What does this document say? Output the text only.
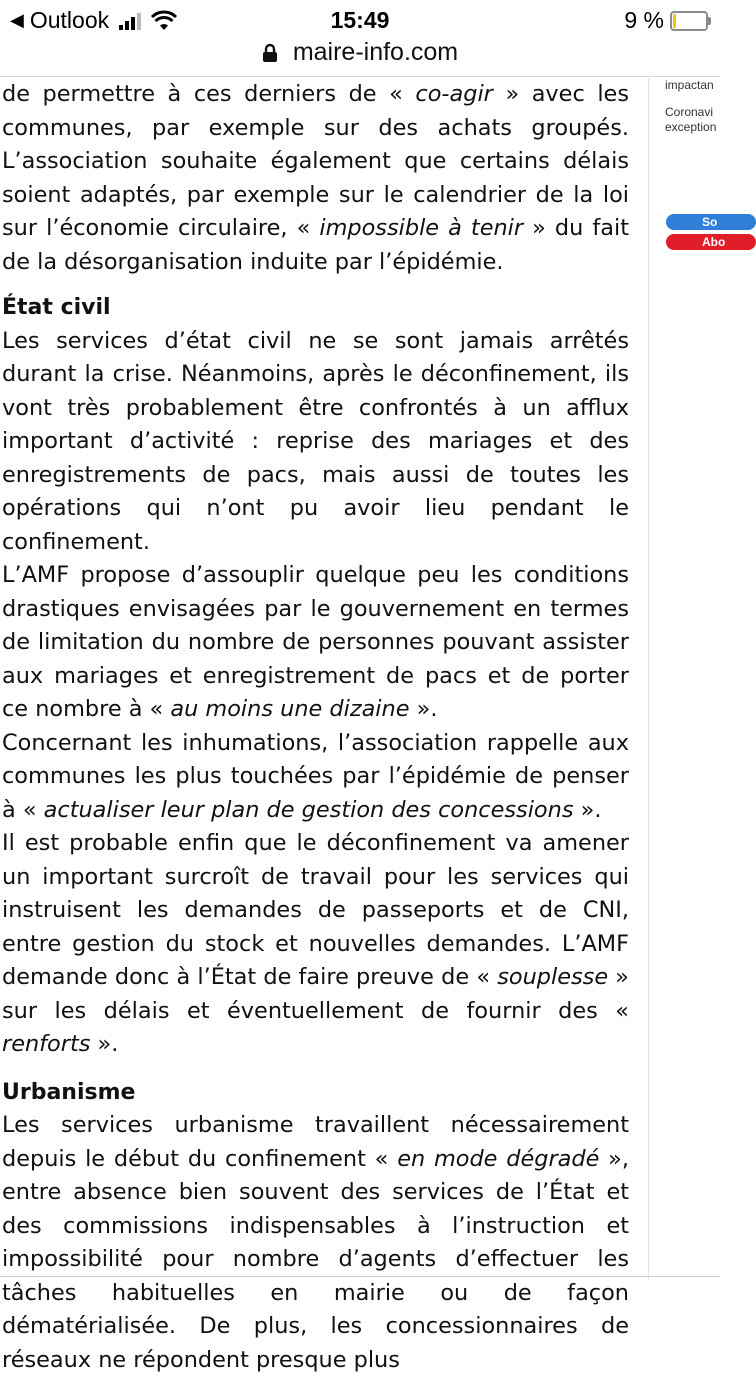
◀ Outlook	15:49	9 %
maire-info.com

de permettre à ces derniers de « co-agir » avec les communes, par exemple sur des achats groupés. L’association souhaite également que certains délais soient adaptés, par exemple sur le calendrier de la loi sur l’économie circulaire, « impossible à tenir » du fait de la désorganisation induite par l’épidémie.

État civil

Les services d’état civil ne se sont jamais arrêtés durant la crise. Néanmoins, après le déconfinement, ils vont très probablement être confrontés à un afflux important d’activité : reprise des mariages et des enregistrements de pacs, mais aussi de toutes les opérations qui n’ont pu avoir lieu pendant le confinement.

L’AMF propose d’assouplir quelque peu les conditions drastiques envisagées par le gouvernement en termes de limitation du nombre de personnes pouvant assister aux mariages et enregistrement de pacs et de porter ce nombre à « au moins une dizaine ».

Concernant les inhumations, l’association rappelle aux communes les plus touchées par l’épidémie de penser à « actualiser leur plan de gestion des concessions ».

Il est probable enfin que le déconfinement va amener un important surcroît de travail pour les services qui instruisent les demandes de passeports et de CNI, entre gestion du stock et nouvelles demandes. L’AMF demande donc à l’État de faire preuve de « souplesse » sur les délais et éventuellement de fournir des « renforts ».

Urbanisme

Les services urbanisme travaillent nécessairement depuis le début du confinement « en mode dégradé », entre absence bien souvent des services de l’État et des commissions indispensables à l’instruction et impossibilité pour nombre d’agents d’effectuer les tâches habituelles en mairie ou de façon dématérialisée. De plus, les concessionnaires de réseaux ne répondent presque plus

impactan
Coronavi
exception
So
Abo
